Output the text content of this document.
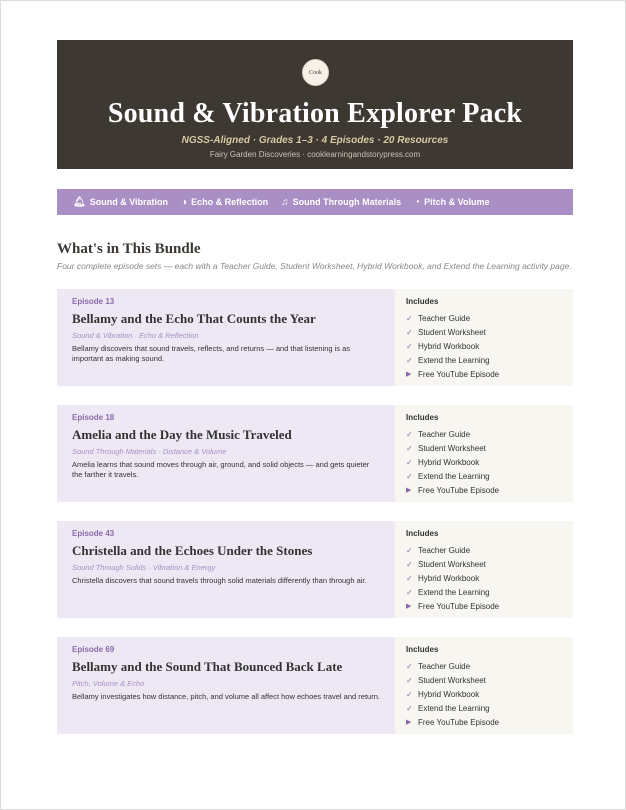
Cook
Sound & Vibration Explorer Pack
NGSS-Aligned · Grades 1–3 · 4 Episodes · 20 Resources
Fairy Garden Discoveries · cooklearningandstorypress.com
🔔︎ Sound & Vibration ◑ Echo & Reflection ♫ Sound Through Materials ◔ Pitch & Volume
What's in This Bundle
Four complete episode sets — each with a Teacher Guide, Student Worksheet, Hybrid Workbook, and Extend the Learning activity page.
Episode 13
Bellamy and the Echo That Counts the Year
Sound & Vibration · Echo & Reflection
Bellamy discovers that sound travels, reflects, and returns — and that listening is as important as making sound.
Includes
✓ Teacher Guide
✓ Student Worksheet
✓ Hybrid Workbook
✓ Extend the Learning
▶ Free YouTube Episode
Episode 18
Amelia and the Day the Music Traveled
Sound Through Materials · Distance & Volume
Amelia learns that sound moves through air, ground, and solid objects — and gets quieter the farther it travels.
Includes
✓ Teacher Guide
✓ Student Worksheet
✓ Hybrid Workbook
✓ Extend the Learning
▶ Free YouTube Episode
Episode 43
Christella and the Echoes Under the Stones
Sound Through Solids · Vibration & Energy
Christella discovers that sound travels through solid materials differently than through air.
Includes
✓ Teacher Guide
✓ Student Worksheet
✓ Hybrid Workbook
✓ Extend the Learning
▶ Free YouTube Episode
Episode 69
Bellamy and the Sound That Bounced Back Late
Pitch, Volume & Echo
Bellamy investigates how distance, pitch, and volume all affect how echoes travel and return.
Includes
✓ Teacher Guide
✓ Student Worksheet
✓ Hybrid Workbook
✓ Extend the Learning
▶ Free YouTube Episode
